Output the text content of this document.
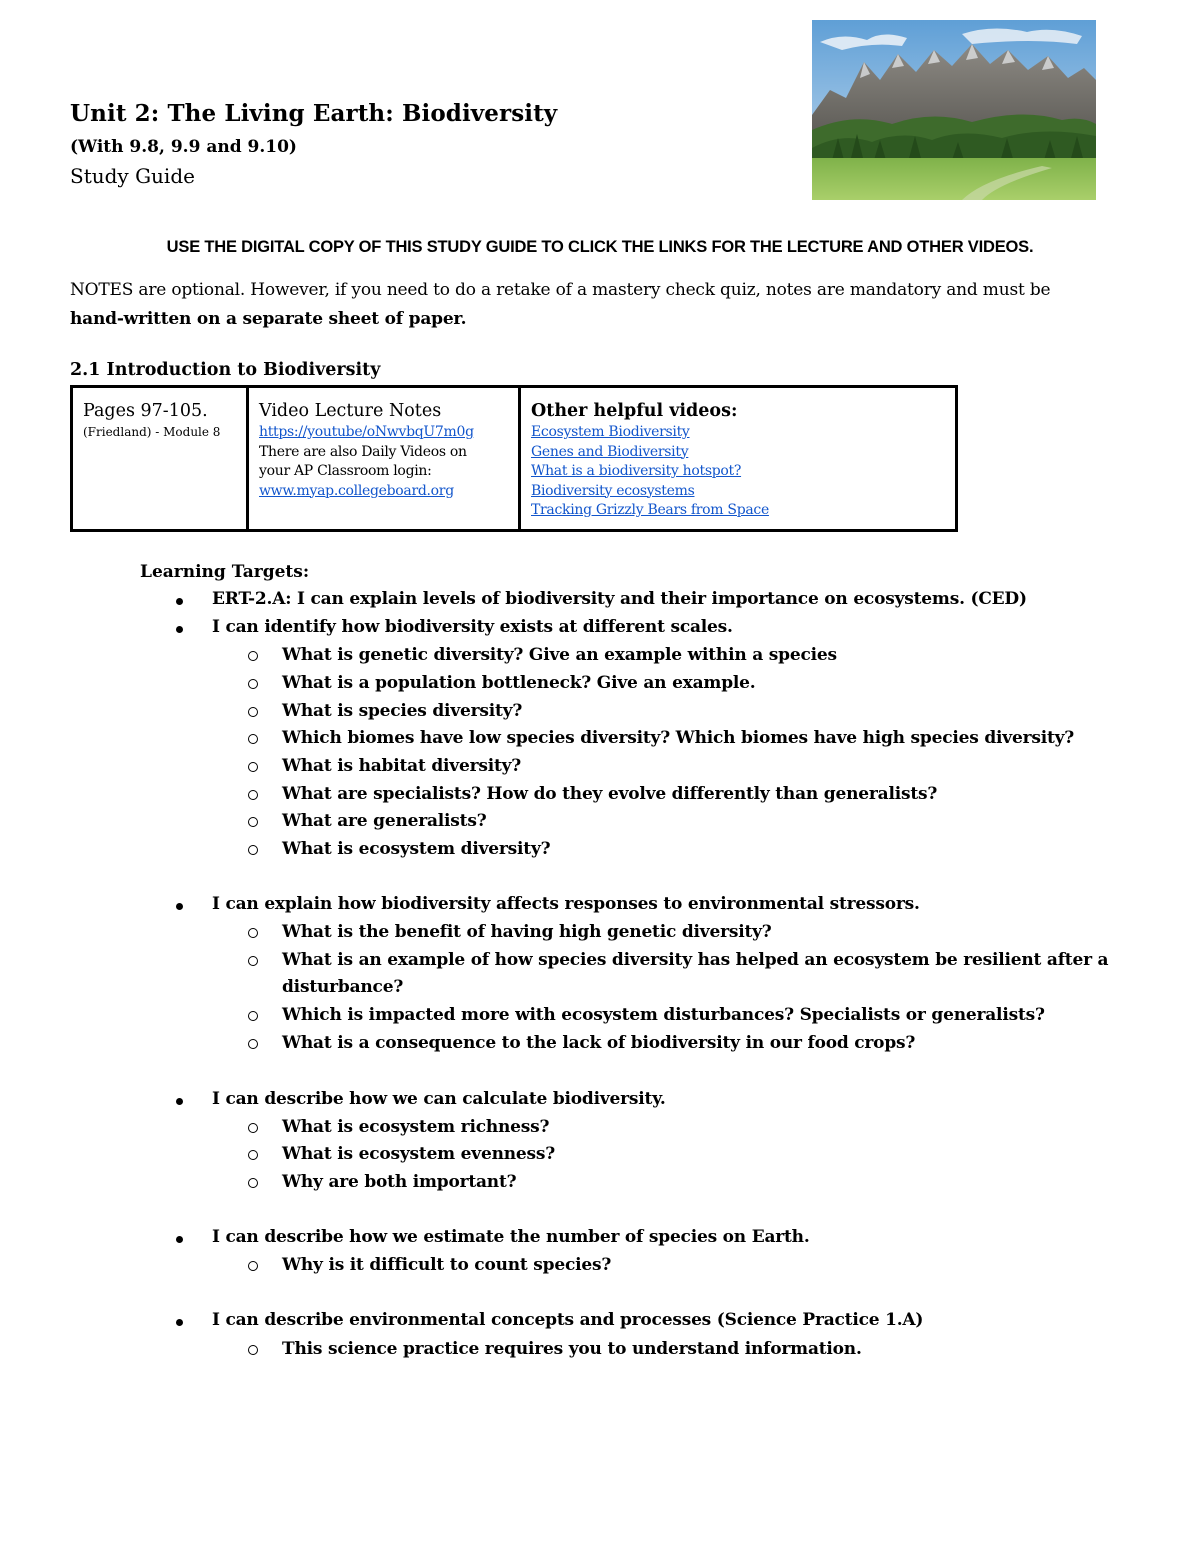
Unit 2: The Living Earth: Biodiversity
(With 9.8, 9.9 and 9.10)
Study Guide
USE THE DIGITAL COPY OF THIS STUDY GUIDE TO CLICK THE LINKS FOR THE LECTURE AND OTHER VIDEOS.
NOTES are optional. However, if you need to do a retake of a mastery check quiz, notes are mandatory and must be
hand-written on a separate sheet of paper.
2.1 Introduction to Biodiversity
Pages 97-105.
(Friedland) - Module 8

Video Lecture Notes
https://youtube/oNwvbqU7m0g
There are also Daily Videos on
your AP Classroom login:
www.myap.collegeboard.org

Other helpful videos:
Ecosystem Biodiversity
Genes and Biodiversity
What is a biodiversity hotspot?
Biodiversity ecosystems
Tracking Grizzly Bears from Space
Learning Targets:
ERT-2.A: I can explain levels of biodiversity and their importance on ecosystems. (CED)
I can identify how biodiversity exists at different scales.
What is genetic diversity? Give an example within a species
What is a population bottleneck? Give an example.
What is species diversity?
Which biomes have low species diversity? Which biomes have high species diversity?
What is habitat diversity?
What are specialists? How do they evolve differently than generalists?
What are generalists?
What is ecosystem diversity?
I can explain how biodiversity affects responses to environmental stressors.
What is the benefit of having high genetic diversity?
What is an example of how species diversity has helped an ecosystem be resilient after a
disturbance?
Which is impacted more with ecosystem disturbances? Specialists or generalists?
What is a consequence to the lack of biodiversity in our food crops?
I can describe how we can calculate biodiversity.
What is ecosystem richness?
What is ecosystem evenness?
Why are both important?
I can describe how we estimate the number of species on Earth.
Why is it difficult to count species?
I can describe environmental concepts and processes (Science Practice 1.A)
This science practice requires you to understand information.
